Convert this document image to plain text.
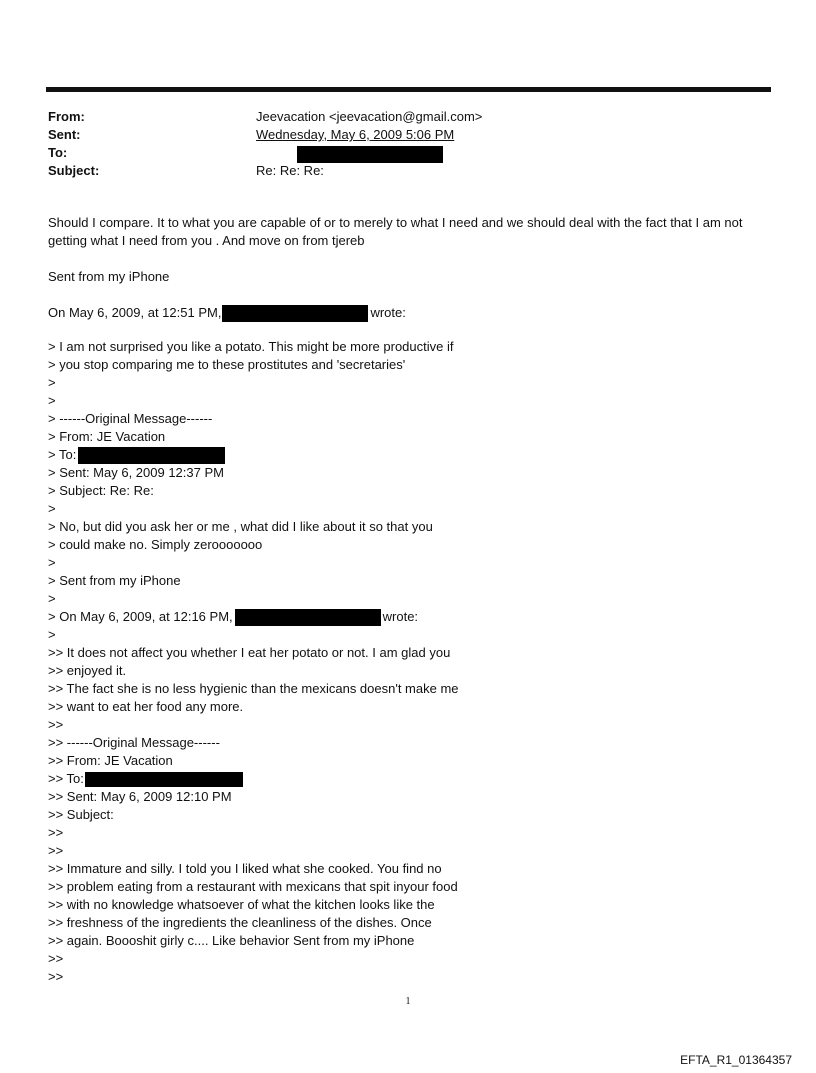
From:	Jeevacation <jeevacation@gmail.com>
Sent:	Wednesday, May 6, 2009 5:06 PM
To:
Subject:	Re: Re: Re:

Should I compare. It to what you are capable of or to merely to what I need and we should deal with the fact that I am not getting what I need from you . And move on from tjereb

Sent from my iPhone

On May 6, 2009, at 12:51 PM,	wrote:

> I am not surprised you like a potato. This might be more productive if
> you stop comparing me to these prostitutes and 'secretaries'
>
>
> ------Original Message------
> From: JE Vacation
> To:
> Sent: May 6, 2009 12:37 PM
> Subject: Re: Re:
>
> No, but did you ask her or me , what did I like about it so that you
> could make no. Simply zerooooooo
>
> Sent from my iPhone
>
> On May 6, 2009, at 12:16 PM,	wrote:
>
>> It does not affect you whether I eat her potato or not. I am glad you
>> enjoyed it.
>> The fact she is no less hygienic than the mexicans doesn't make me
>> want to eat her food any more.
>>
>> ------Original Message------
>> From: JE Vacation
>> To:
>> Sent: May 6, 2009 12:10 PM
>> Subject:
>>
>>
>> Immature and silly. I told you I liked what she cooked. You find no
>> problem eating from a restaurant with mexicans that spit inyour food
>> with no knowledge whatsoever of what the kitchen looks like the
>> freshness of the ingredients the cleanliness of the dishes. Once
>> again. Boooshit girly c.... Like behavior Sent from my iPhone
>>
>>
1
EFTA_R1_01364357
